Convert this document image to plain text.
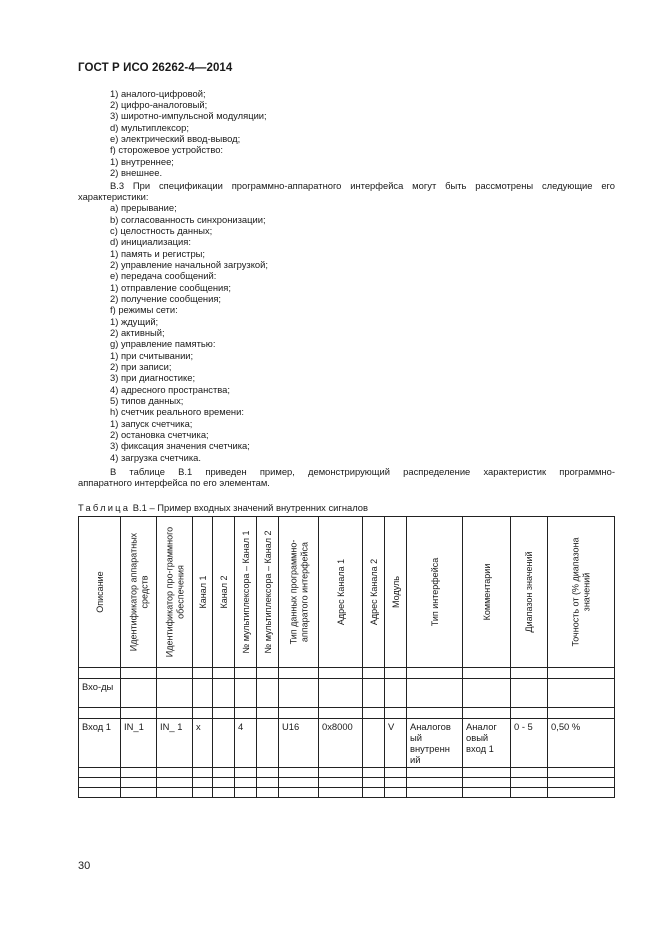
ГОСТ Р ИСО 26262-4—2014
1) аналого-цифровой;
2) цифро-аналоговый;
3) широтно-импульсной модуляции;
d) мультиплексор;
e) электрический ввод-вывод;
f) сторожевое устройство:
1) внутреннее;
2) внешнее.
В.3 При спецификации программно-аппаратного интерфейса могут быть рассмотрены следующие его
характеристики:
a) прерывание;
b) согласованность синхронизации;
c) целостность данных;
d) инициализация:
1) память и регистры;
2) управление начальной загрузкой;
e) передача сообщений:
1) отправление сообщения;
2) получение сообщения;
f) режимы сети:
1) ждущий;
2) активный;
g) управление памятью:
1) при считывании;
2) при записи;
3) при диагностике;
4) адресного пространства;
5) типов данных;
h) счетчик реального времени:
1) запуск счетчика;
2) остановка счетчика;
3) фиксация значения счетчика;
4) загрузка счетчика.
В таблице В.1 приведен пример, демонстрирующий распределение характеристик программно-
аппаратного интерфейса по его элементам.
Таблица В.1 – Пример входных значений внутренних сигналов
Описание	Идентификатор аппаратных средств	Идентификатор про-граммного обеспечения	Канал 1	Канал 2	№ мультиплексора – Канал 1	№ мультиплексора – Канал 2	Тип данных программно-аппаратого интерфейса	Адрес Канала 1	Адрес Канала 2	Модуль	Тип интерфейса	Комментарии	Диапазон значений	Точность от (% диапазона значений

Вхо-ды														

Вход 1	IN_1	IN_ 1	x		4		U16	0x8000		V	Аналогов ый внутренн ий	Аналог овый вход 1	0 - 5	0,50 %

30
